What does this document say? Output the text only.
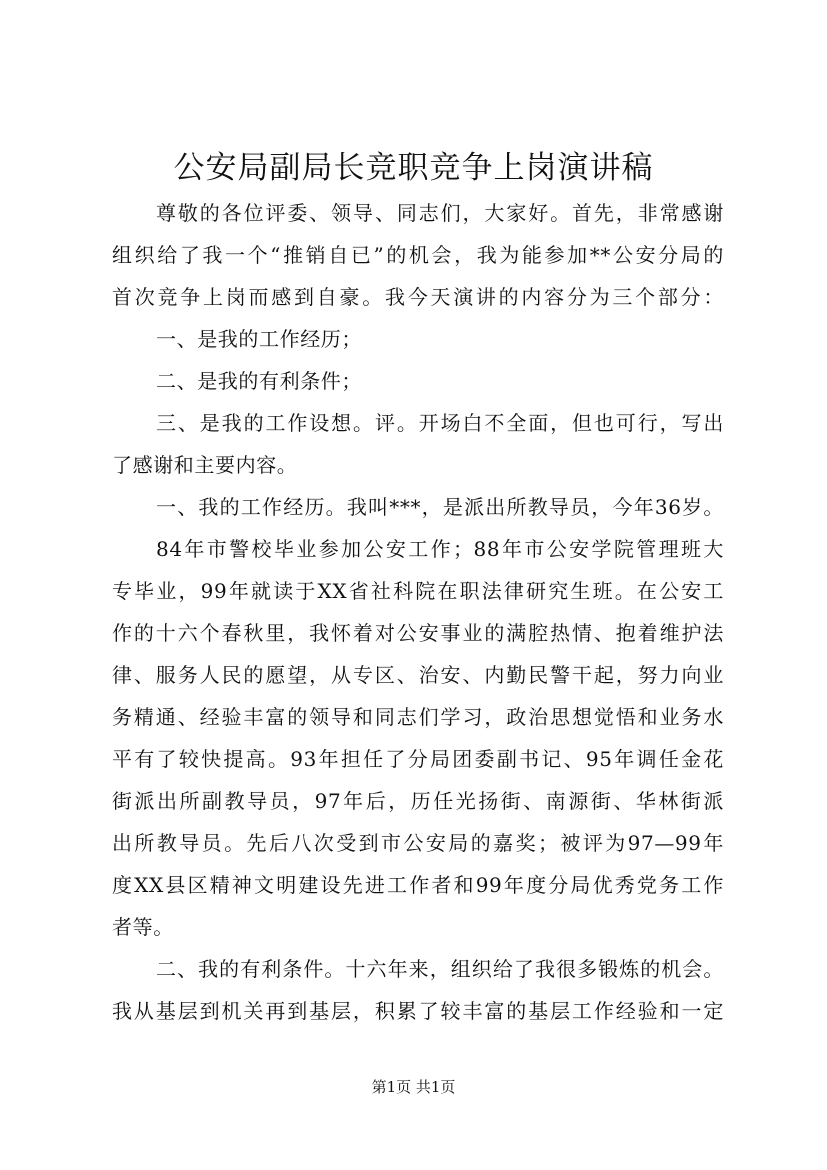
公安局副局长竞职竞争上岗演讲稿
尊敬的各位评委、领导、同志们，大家好。首先，非常感谢
组织给了我一个“推销自已”的机会，我为能参加**公安分局的
首次竞争上岗而感到自豪。我今天演讲的内容分为三个部分：
一、是我的工作经历；
二、是我的有利条件；
三、是我的工作设想。评。开场白不全面，但也可行，写出
了感谢和主要内容。
一、我的工作经历。我叫***，是派出所教导员，今年36岁。
84年市警校毕业参加公安工作；88年市公安学院管理班大
专毕业，99年就读于XX省社科院在职法律研究生班。在公安工
作的十六个春秋里，我怀着对公安事业的满腔热情、抱着维护法
律、服务人民的愿望，从专区、治安、内勤民警干起，努力向业
务精通、经验丰富的领导和同志们学习，政治思想觉悟和业务水
平有了较快提高。93年担任了分局团委副书记、95年调任金花
街派出所副教导员，97年后，历任光扬街、南源街、华林街派
出所教导员。先后八次受到市公安局的嘉奖；被评为97—99年
度XX县区精神文明建设先进工作者和99年度分局优秀党务工作
者等。
二、我的有利条件。十六年来，组织给了我很多锻炼的机会。
我从基层到机关再到基层，积累了较丰富的基层工作经验和一定
第1页 共1页
